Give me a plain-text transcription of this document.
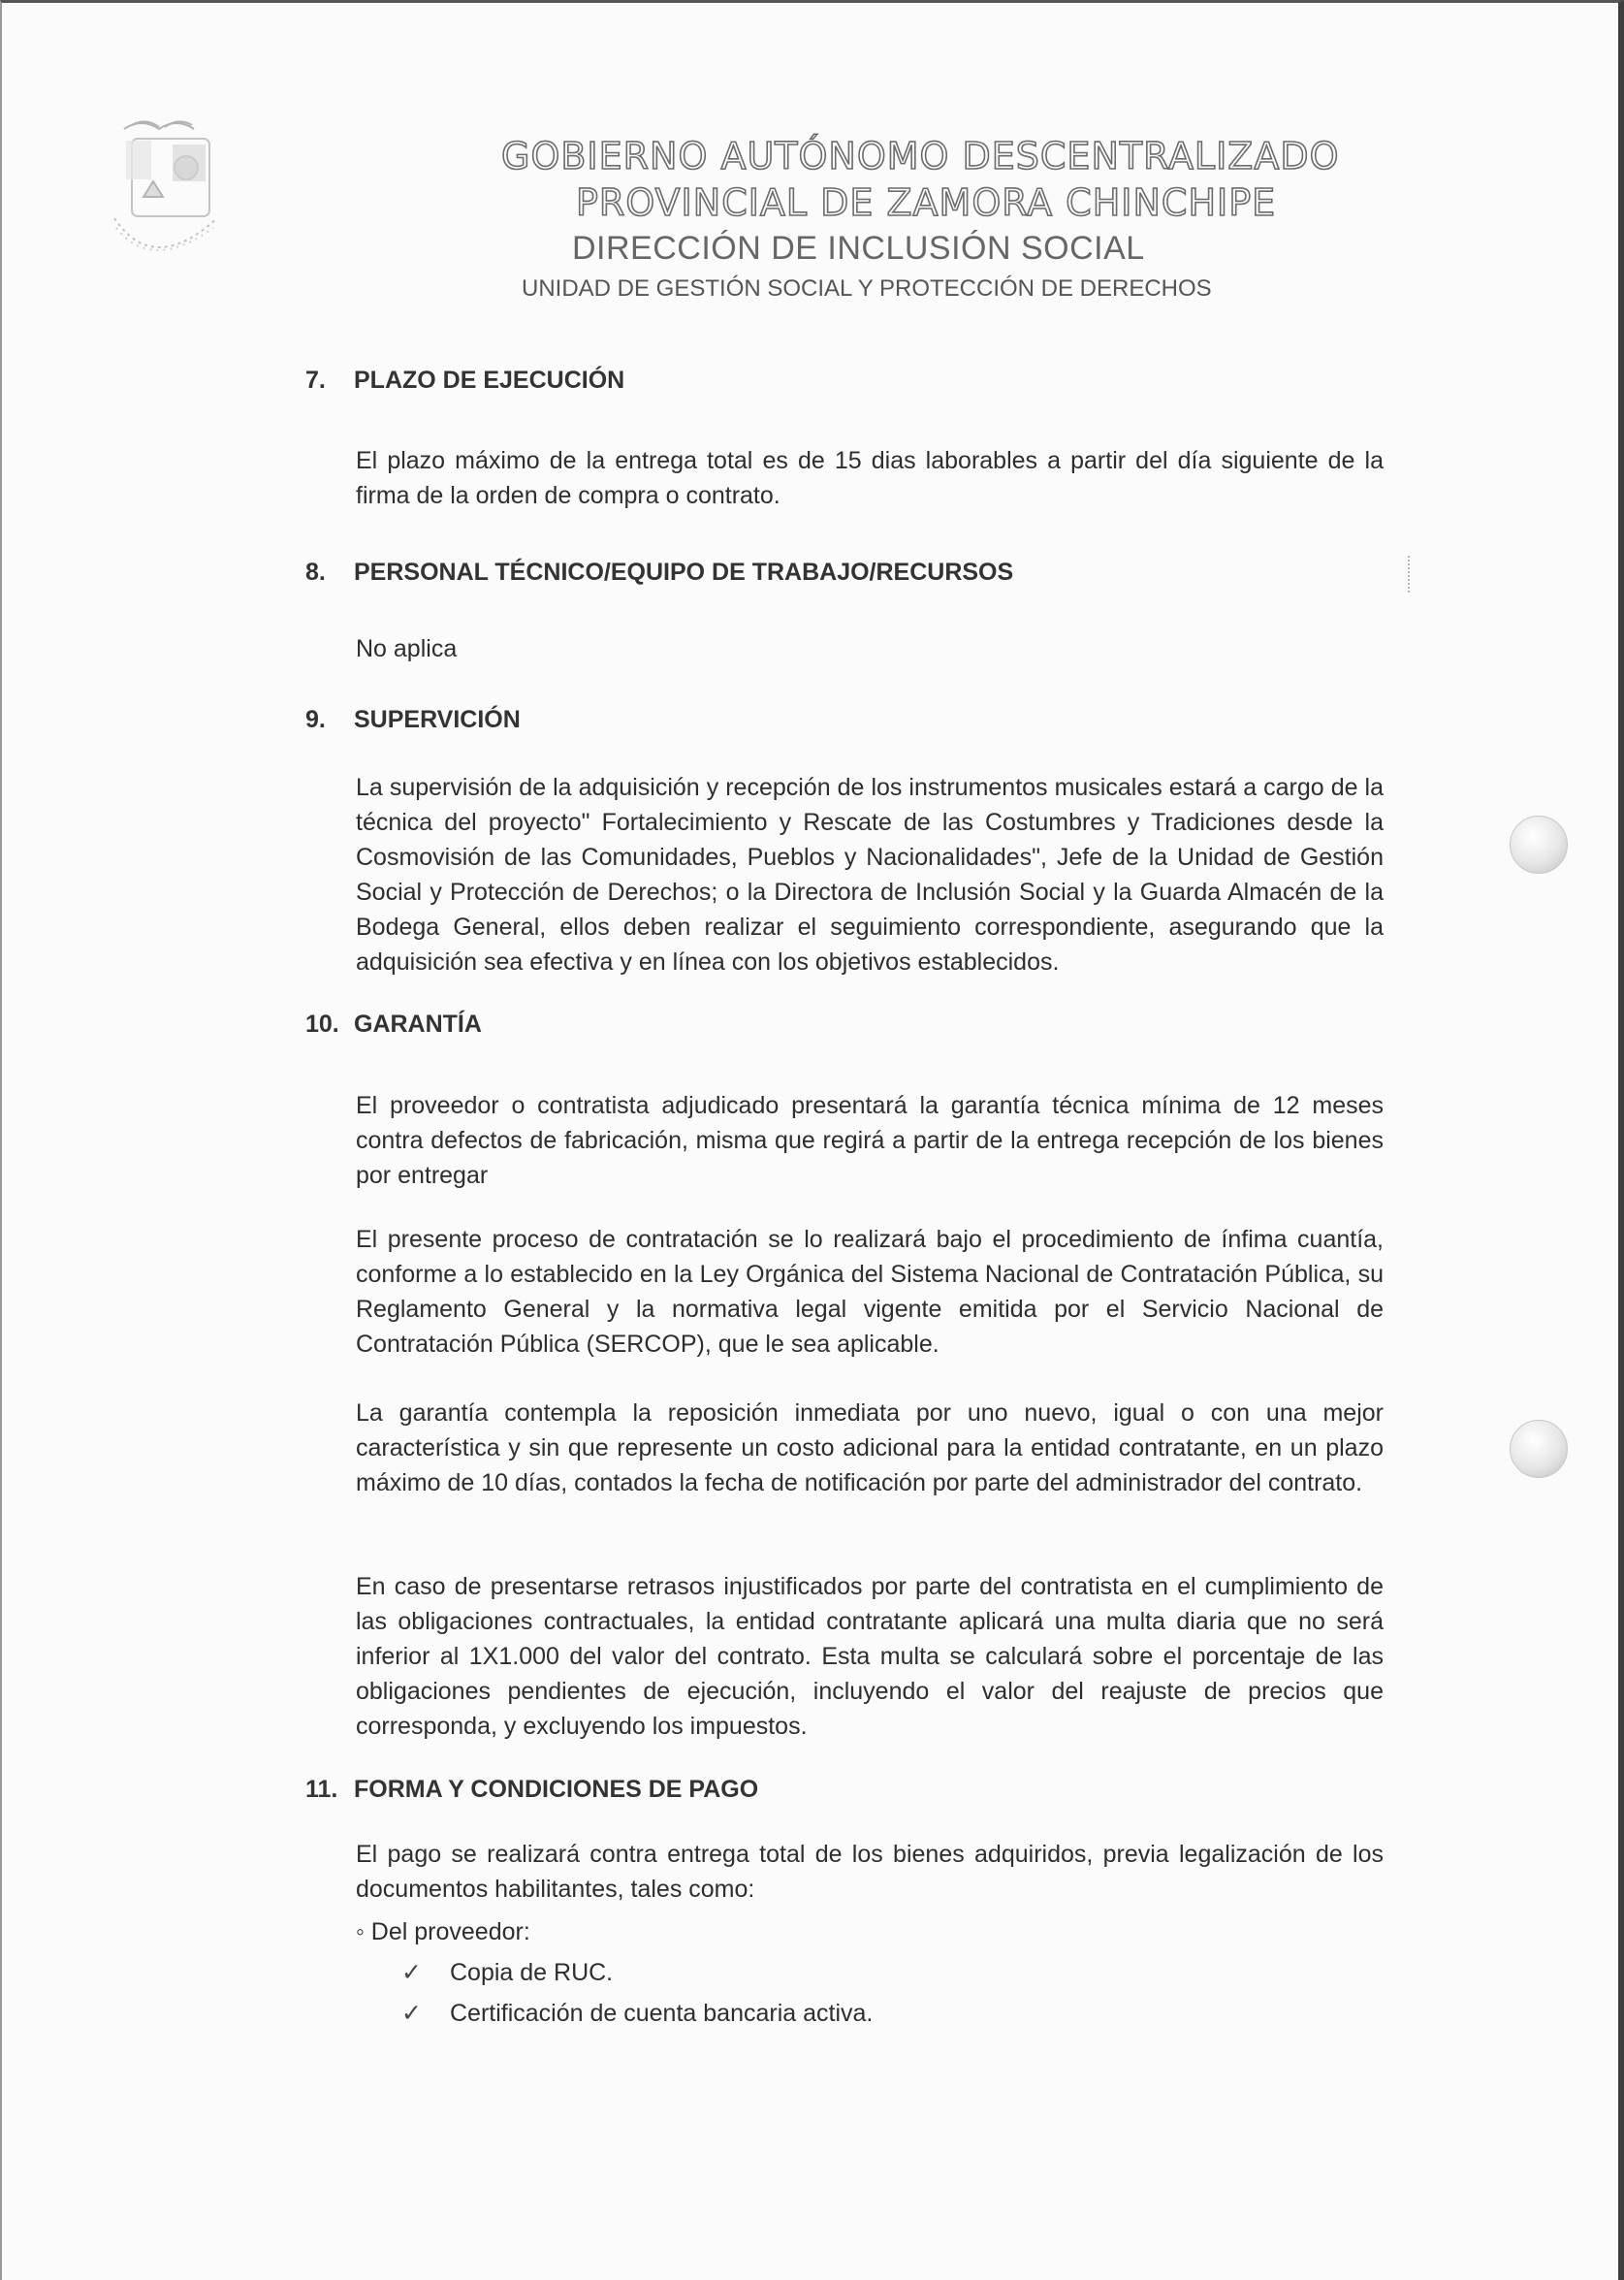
GOBIERNO AUTÓNOMO DESCENTRALIZADO
PROVINCIAL DE ZAMORA CHINCHIPE
DIRECCIÓN DE INCLUSIÓN SOCIAL
UNIDAD DE GESTIÓN SOCIAL Y PROTECCIÓN DE DERECHOS
7. PLAZO DE EJECUCIÓN
El plazo máximo de la entrega total es de 15 dias laborables a partir del día siguiente de la firma de la orden de compra o contrato.
8. PERSONAL TÉCNICO/EQUIPO DE TRABAJO/RECURSOS
No aplica
9. SUPERVICIÓN
La supervisión de la adquisición y recepción de los instrumentos musicales estará a cargo de la técnica del proyecto" Fortalecimiento y Rescate de las Costumbres y Tradiciones desde la Cosmovisión de las Comunidades, Pueblos y Nacionalidades", Jefe de la Unidad de Gestión Social y Protección de Derechos; o la Directora de Inclusión Social y la Guarda Almacén de la Bodega General, ellos deben realizar el seguimiento correspondiente, asegurando que la adquisición sea efectiva y en línea con los objetivos establecidos.
10. GARANTÍA
El proveedor o contratista adjudicado presentará la garantía técnica mínima de 12 meses contra defectos de fabricación, misma que regirá a partir de la entrega recepción de los bienes por entregar
El presente proceso de contratación se lo realizará bajo el procedimiento de ínfima cuantía, conforme a lo establecido en la Ley Orgánica del Sistema Nacional de Contratación Pública, su Reglamento General y la normativa legal vigente emitida por el Servicio Nacional de Contratación Pública (SERCOP), que le sea aplicable.
La garantía contempla la reposición inmediata por uno nuevo, igual o con una mejor característica y sin que represente un costo adicional para la entidad contratante, en un plazo máximo de 10 días, contados la fecha de notificación por parte del administrador del contrato.
En caso de presentarse retrasos injustificados por parte del contratista en el cumplimiento de las obligaciones contractuales, la entidad contratante aplicará una multa diaria que no será inferior al 1X1.000 del valor del contrato. Esta multa se calculará sobre el porcentaje de las obligaciones pendientes de ejecución, incluyendo el valor del reajuste de precios que corresponda, y excluyendo los impuestos.
11. FORMA Y CONDICIONES DE PAGO
El pago se realizará contra entrega total de los bienes adquiridos, previa legalización de los documentos habilitantes, tales como:
◦ Del proveedor:
✓ Copia de RUC.
✓ Certificación de cuenta bancaria activa.
